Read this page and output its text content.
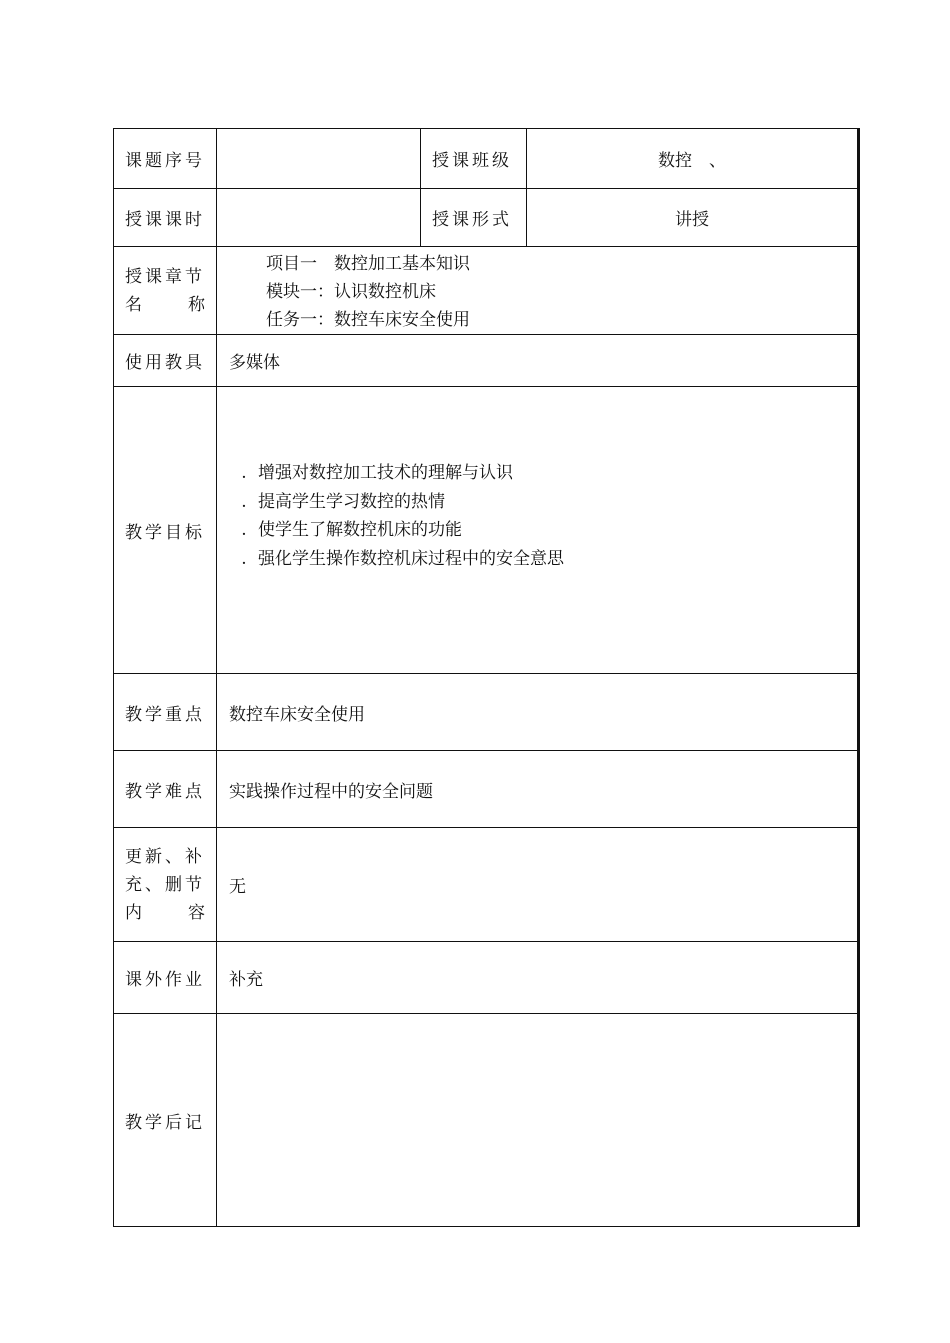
课题序号		授课班级	数控　、
授课课时		授课形式	讲授

授课章节
名 称	项目一　数控加工基本知识
模块一：认识数控机床
任务一：数控车床安全使用		

使用教具	多媒体		
教学目标	. 增强对数控加工技术的理解与认识
. 提高学生学习数控的热情
. 使学生了解数控机床的功能
. 强化学生操作数控机床过程中的安全意思		

教学重点	数控车床安全使用		
教学难点	实践操作过程中的安全问题		

更新、补
充、删节
内 容	无		
课外作业	补充		
教学后记			
